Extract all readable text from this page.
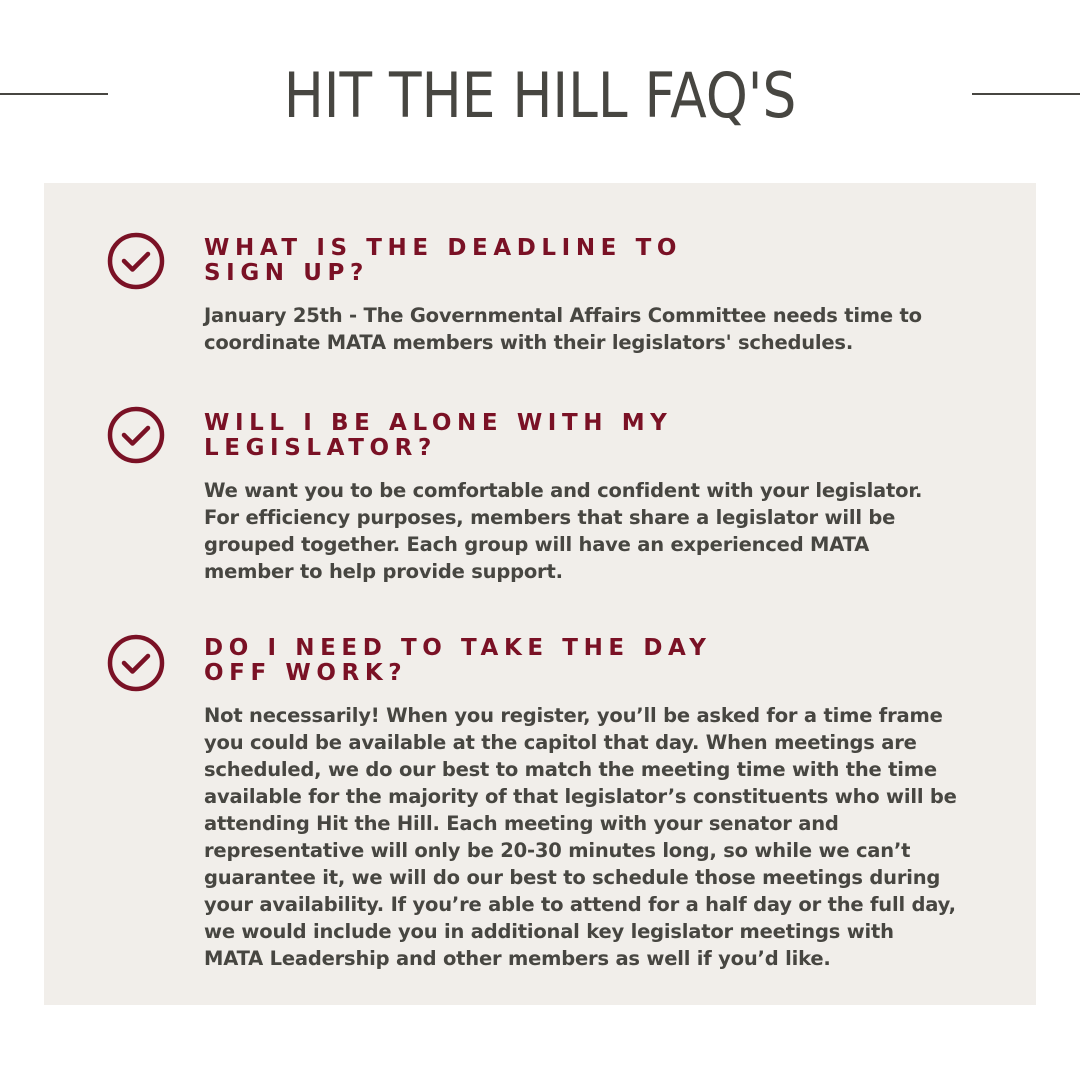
HIT THE HILL FAQ'S
WHAT IS THE DEADLINE TO
SIGN UP?

January 25th - The Governmental Affairs Committee needs time to
coordinate MATA members with their legislators' schedules.

WILL I BE ALONE WITH MY
LEGISLATOR?

We want you to be comfortable and confident with your legislator.
For efficiency purposes, members that share a legislator will be
grouped together. Each group will have an experienced MATA
member to help provide support.

DO I NEED TO TAKE THE DAY
OFF WORK?

Not necessarily! When you register, you’ll be asked for a time frame
you could be available at the capitol that day. When meetings are
scheduled, we do our best to match the meeting time with the time
available for the majority of that legislator’s constituents who will be
attending Hit the Hill. Each meeting with your senator and
representative will only be 20-30 minutes long, so while we can’t
guarantee it, we will do our best to schedule those meetings during
your availability. If you’re able to attend for a half day or the full day,
we would include you in additional key legislator meetings with
MATA Leadership and other members as well if you’d like.
